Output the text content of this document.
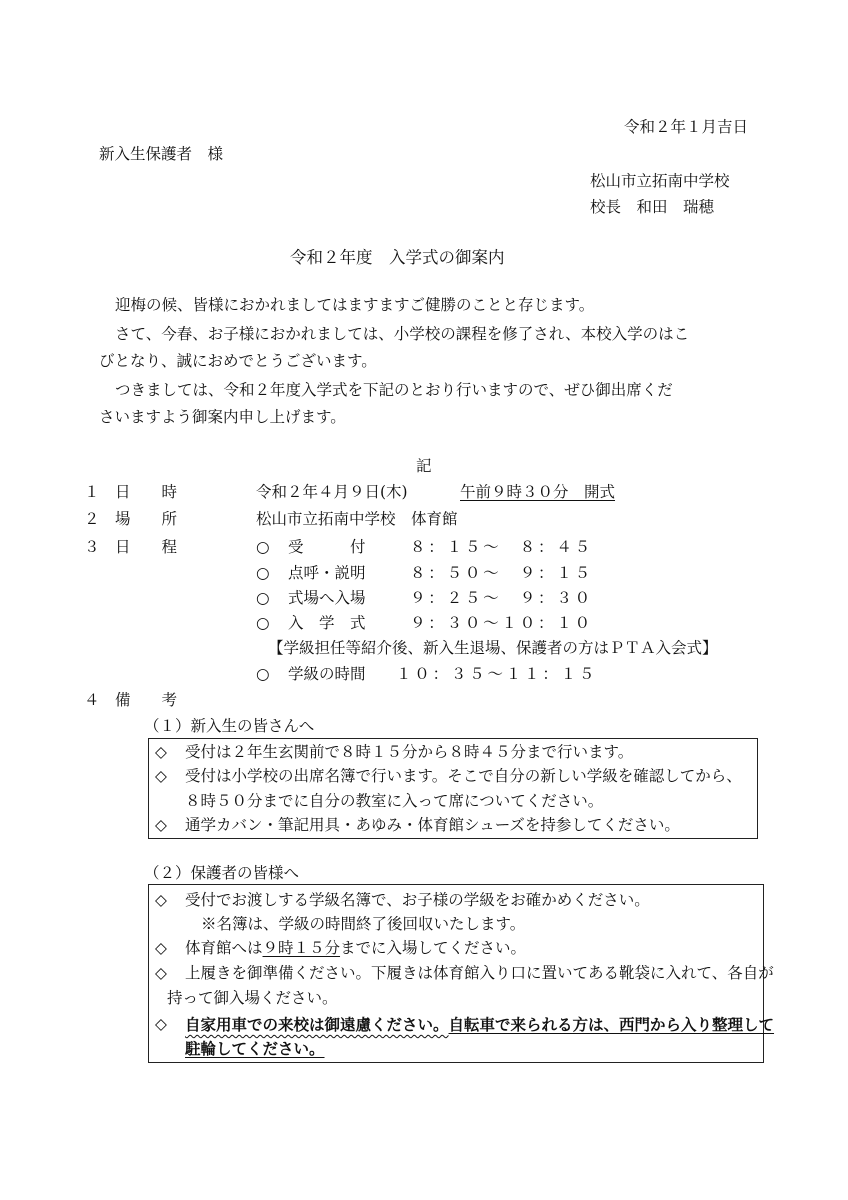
令和２年１月吉日
新入生保護者　様
松山市立拓南中学校
校長　和田　瑞穂
令和２年度　入学式の御案内
迎梅の候、皆様におかれましてはますますご健勝のことと存じます。
さて、今春、お子様におかれましては、小学校の課程を修了され、本校入学のはこ
びとなり、誠におめでとうございます。
つきましては、令和２年度入学式を下記のとおり行いますので、ぜひ御出席くだ
さいますよう御案内申し上げます。
記
１ 日　　時	令和２年４月９日(木)	午前９時３０分　開式
２ 場　　所	松山市立拓南中学校　体育館
３ 日　　程	○ 受　　　付	８：１５～　８：４５
○ 点呼・説明	８：５０～　９：１５
○ 式場へ入場	９：２５～　９：３０
○ 入　学　式	９：３０～１０：１０
【学級担任等紹介後、新入生退場、保護者の方はＰＴＡ入会式】
○ 学級の時間 １０：３５～１１：１５
４ 備　　考
（１）新入生の皆さんへ
◇ 受付は２年生玄関前で８時１５分から８時４５分まで行います。
◇ 受付は小学校の出席名簿で行います。そこで自分の新しい学級を確認してから、
８時５０分までに自分の教室に入って席についてください。
◇ 通学カバン・筆記用具・あゆみ・体育館シューズを持参してください。
（２）保護者の皆様へ
◇ 受付でお渡しする学級名簿で、お子様の学級をお確かめください。
※名簿は、学級の時間終了後回収いたします。
◇ 体育館へは９時１５分までに入場してください。
◇ 上履きを御準備ください。下履きは体育館入り口に置いてある靴袋に入れて、各自が
持って御入場ください。
◇ 自家用車での来校は御遠慮ください。自転車で来られる方は、西門から入り整理して
駐輪してください。
